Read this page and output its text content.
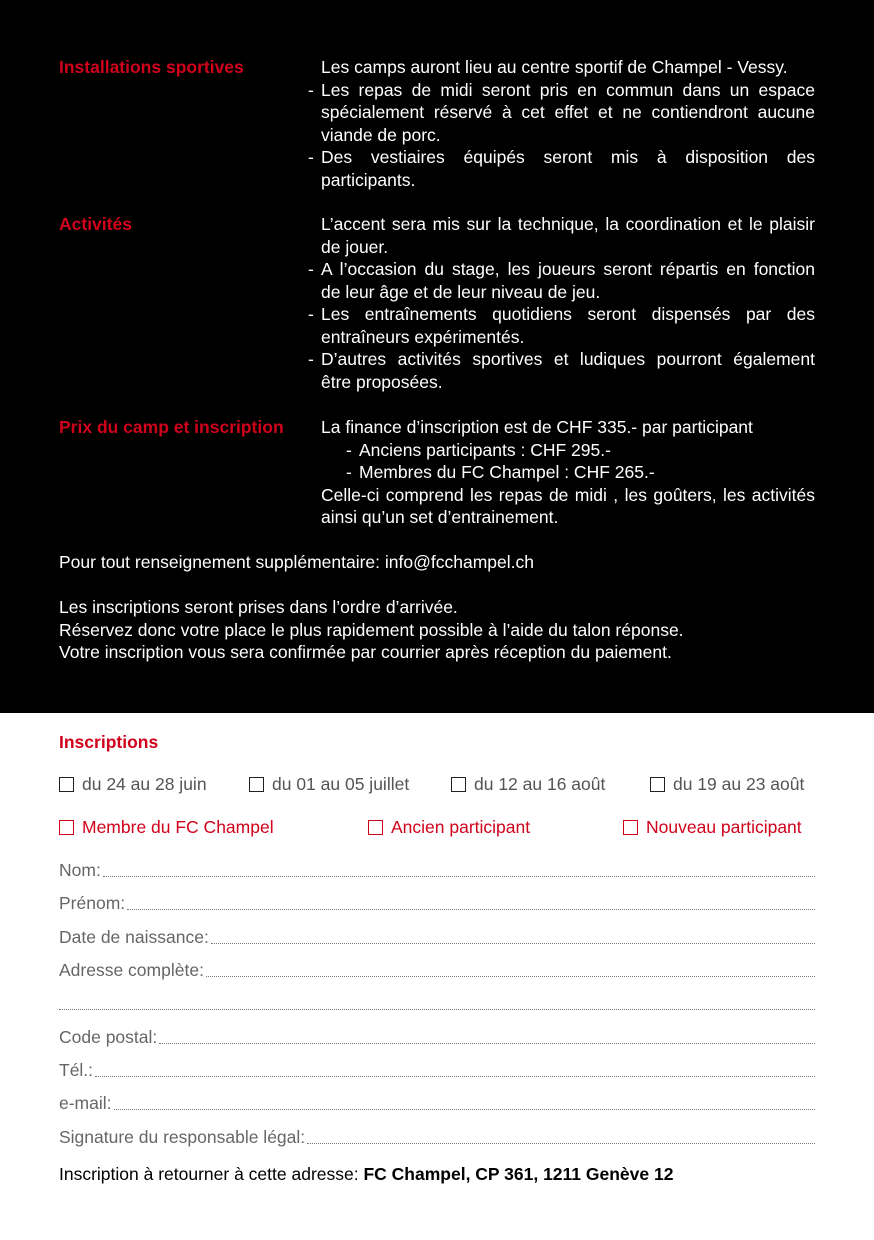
Installations sportives	Les camps auront lieu au centre sportif de Champel - Vessy.
- Les repas de midi seront pris en commun dans un espace
spécialement réservé à cet effet et ne contiendront aucune
viande de porc.
- Des vestiaires équipés seront mis à disposition des participants.
Activités	L’accent sera mis sur la technique, la coordination et le plaisir
de jouer.
- A l’occasion du stage, les joueurs seront répartis en fonction
de leur âge et de leur niveau de jeu.
- Les entraînements quotidiens seront dispensés par des
entraîneurs expérimentés.
- D’autres activités sportives et ludiques pourront également
être proposées.
Prix du camp et inscription La finance d’inscription est de CHF 335.- par participant
- Anciens participants : CHF 295.-
- Membres du FC Champel : CHF 265.-
Celle-ci comprend les repas de midi , les goûters, les activités
ainsi qu’un set d’entrainement.
Pour tout renseignement supplémentaire: info@fcchampel.ch
Les inscriptions seront prises dans l’ordre d’arrivée.
Réservez donc votre place le plus rapidement possible à l’aide du talon réponse.
Votre inscription vous sera confirmée par courrier après réception du paiement.
Inscriptions
du 24 au 28 juin	du 01 au 05 juillet	du 12 au 16 août	du 19 au 23 août
Membre du FC Champel	Ancien participant	Nouveau participant
Nom:
Prénom:
Date de naissance:
Adresse complète:
Code postal:
Tél.:
e-mail:
Signature du responsable légal:
Inscription à retourner à cette adresse: FC Champel, CP 361, 1211 Genève 12
